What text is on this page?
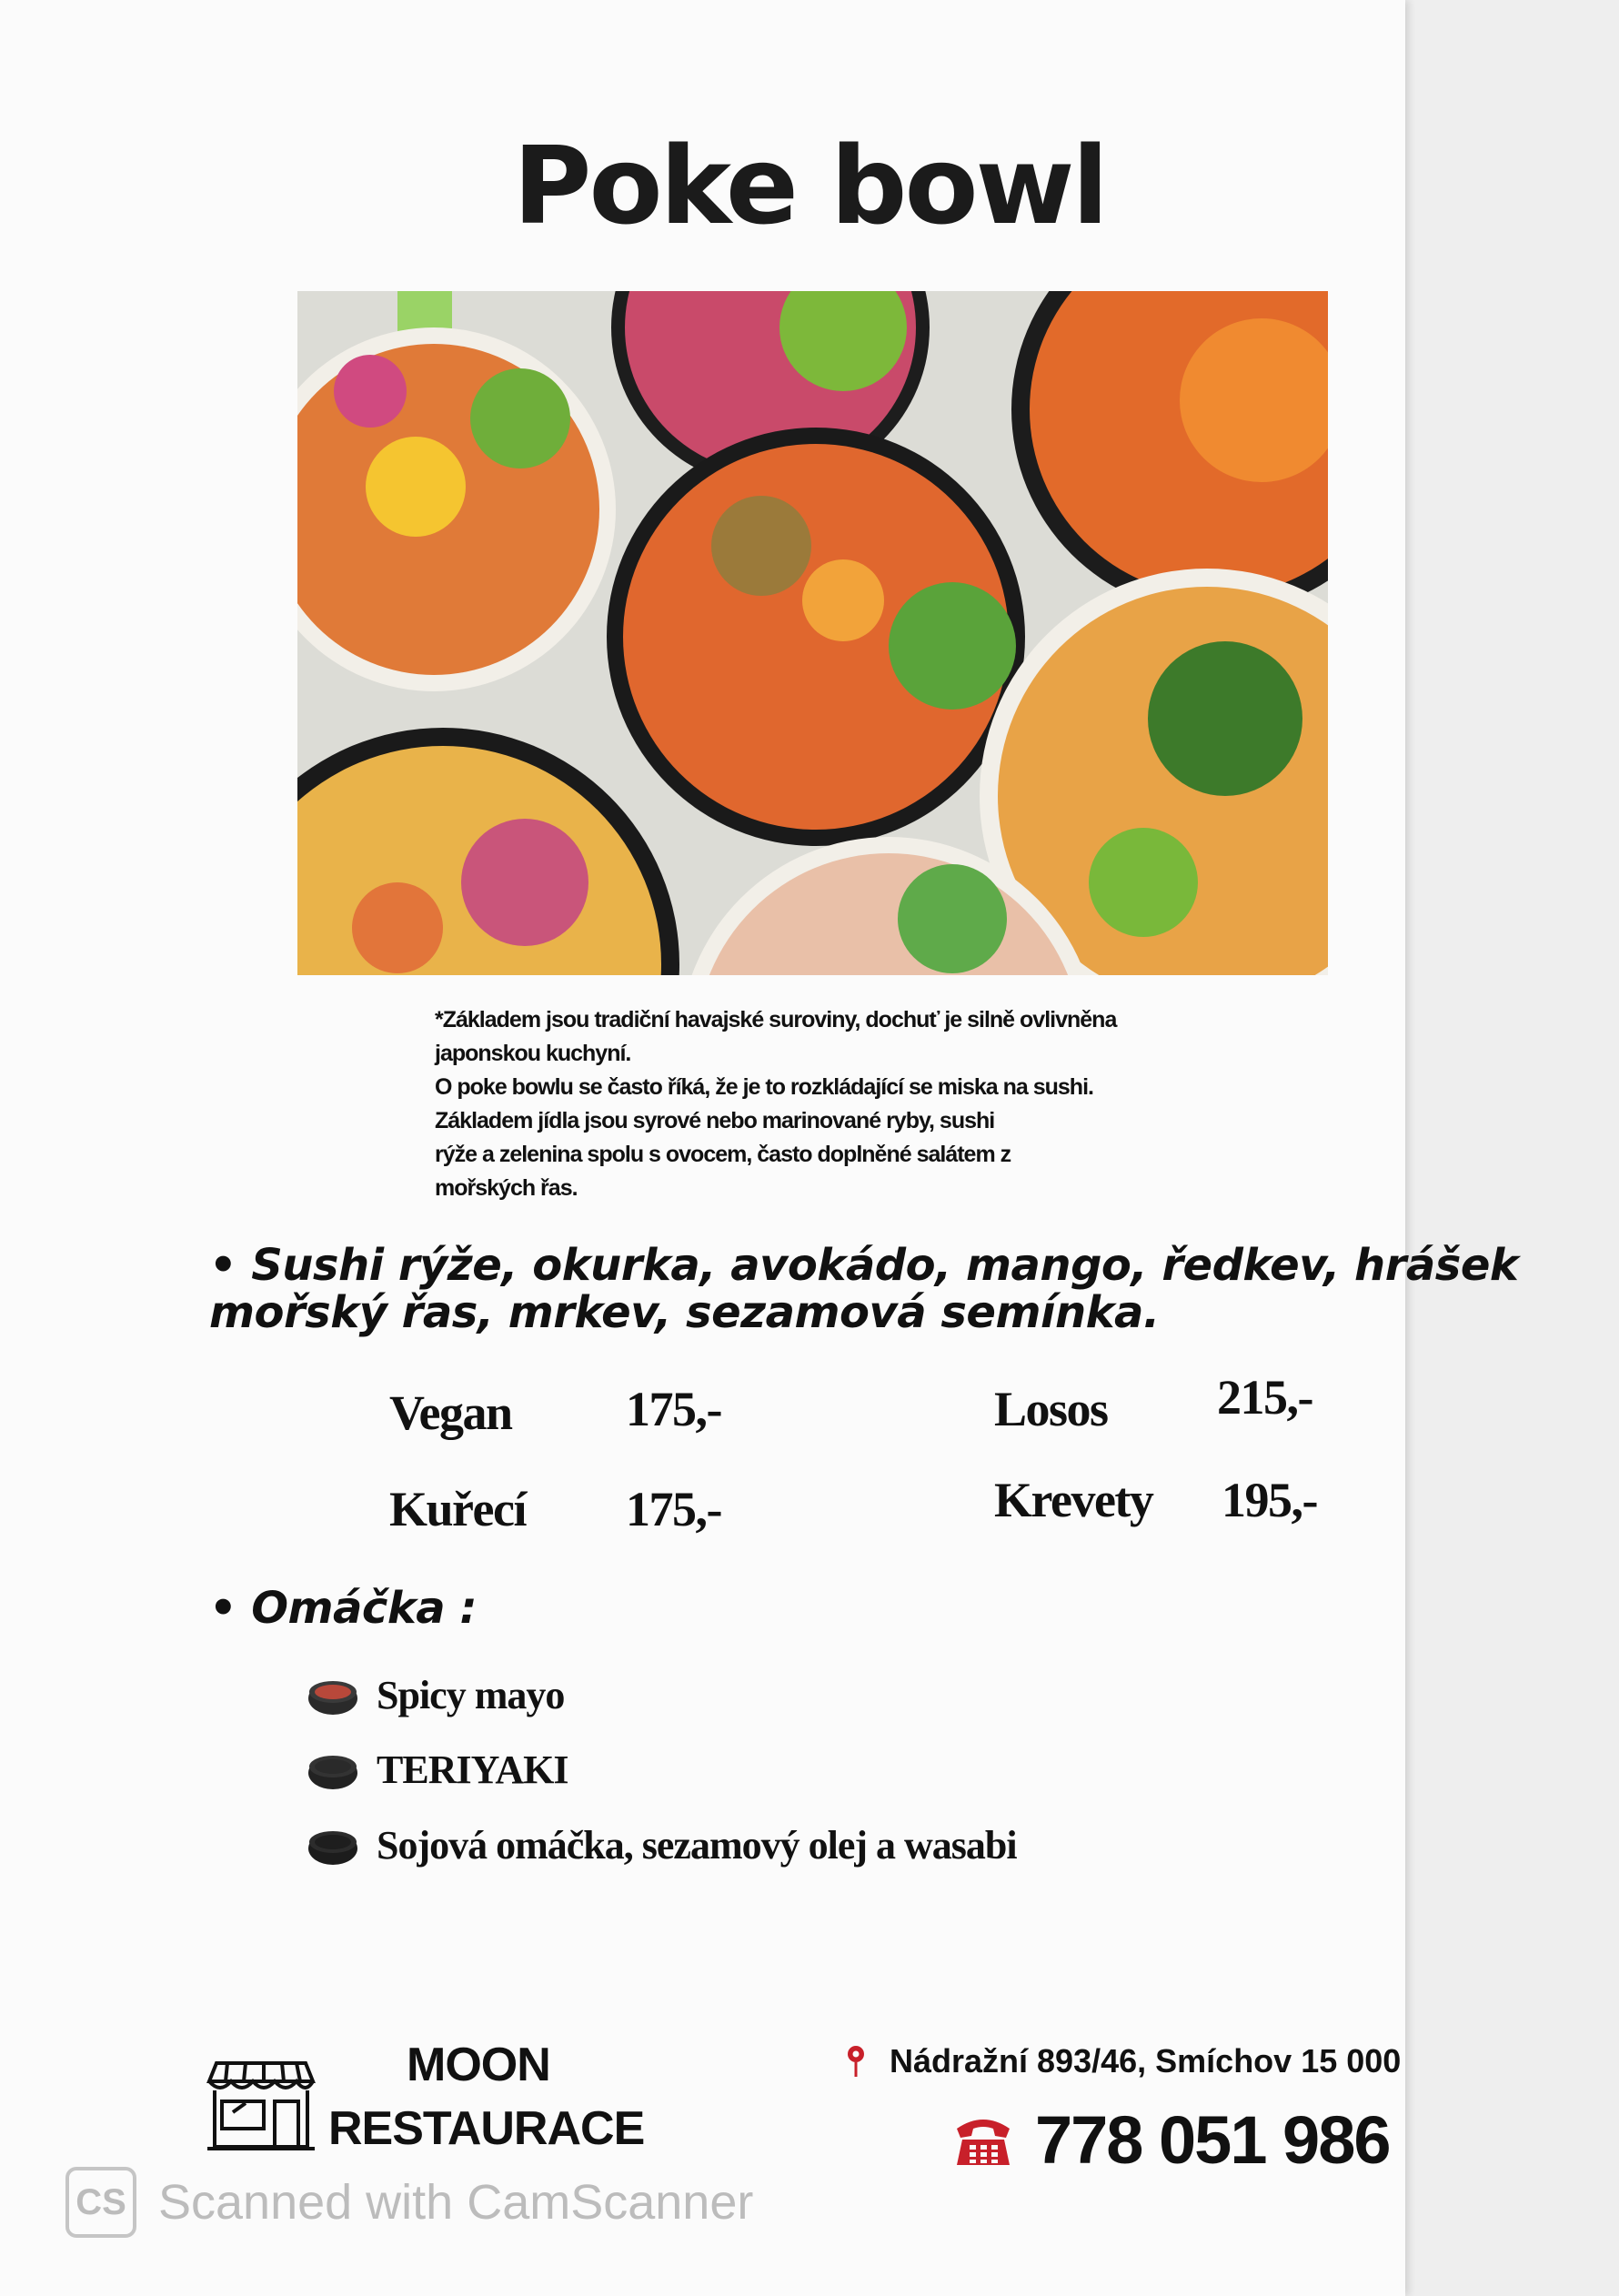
Poke bowl
*Základem jsou tradiční havajské suroviny, dochuť je silně ovlivněna
japonskou kuchyní.
O poke bowlu se často říká, že je to rozkládající se miska na sushi.
Základem jídla jsou syrové nebo marinované ryby, sushi
rýže a zelenina spolu s ovocem, často doplněné salátem z
mořských řas.
• Sushi rýže, okurka, avokádo, mango, ředkev, hrášek
mořský řas, mrkev, sezamová semínka.
Vegan 175,-
Kuřecí 175,-
Losos 215,-
Krevety 195,-
• Omáčka :
Spicy mayo
TERIYAKI
Sojová omáčka, sezamový olej a wasabi
MOON
RESTAURACE
Nádražní 893/46, Smíchov 15 000
778 051 986
CS Scanned with CamScanner
